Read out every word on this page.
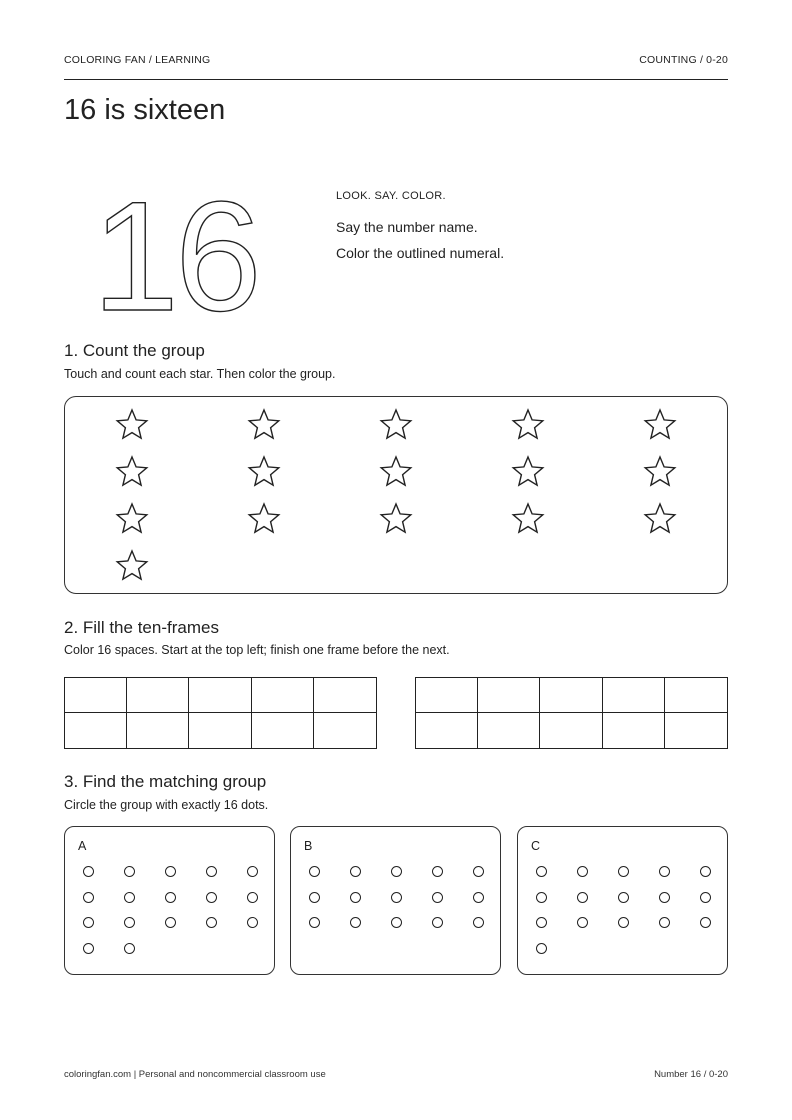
COLORING FAN / LEARNING	COUNTING / 0-20
16 is sixteen
16	LOOK. SAY. COLOR.
Say the number name.
Color the outlined numeral.
1. Count the group
Touch and count each star. Then color the group.
2. Fill the ten-frames
Color 16 spaces. Start at the top left; finish one frame before the next.
3. Find the matching group
Circle the group with exactly 16 dots.
A	B	C
coloringfan.com | Personal and noncommercial classroom use	Number 16 / 0-20
